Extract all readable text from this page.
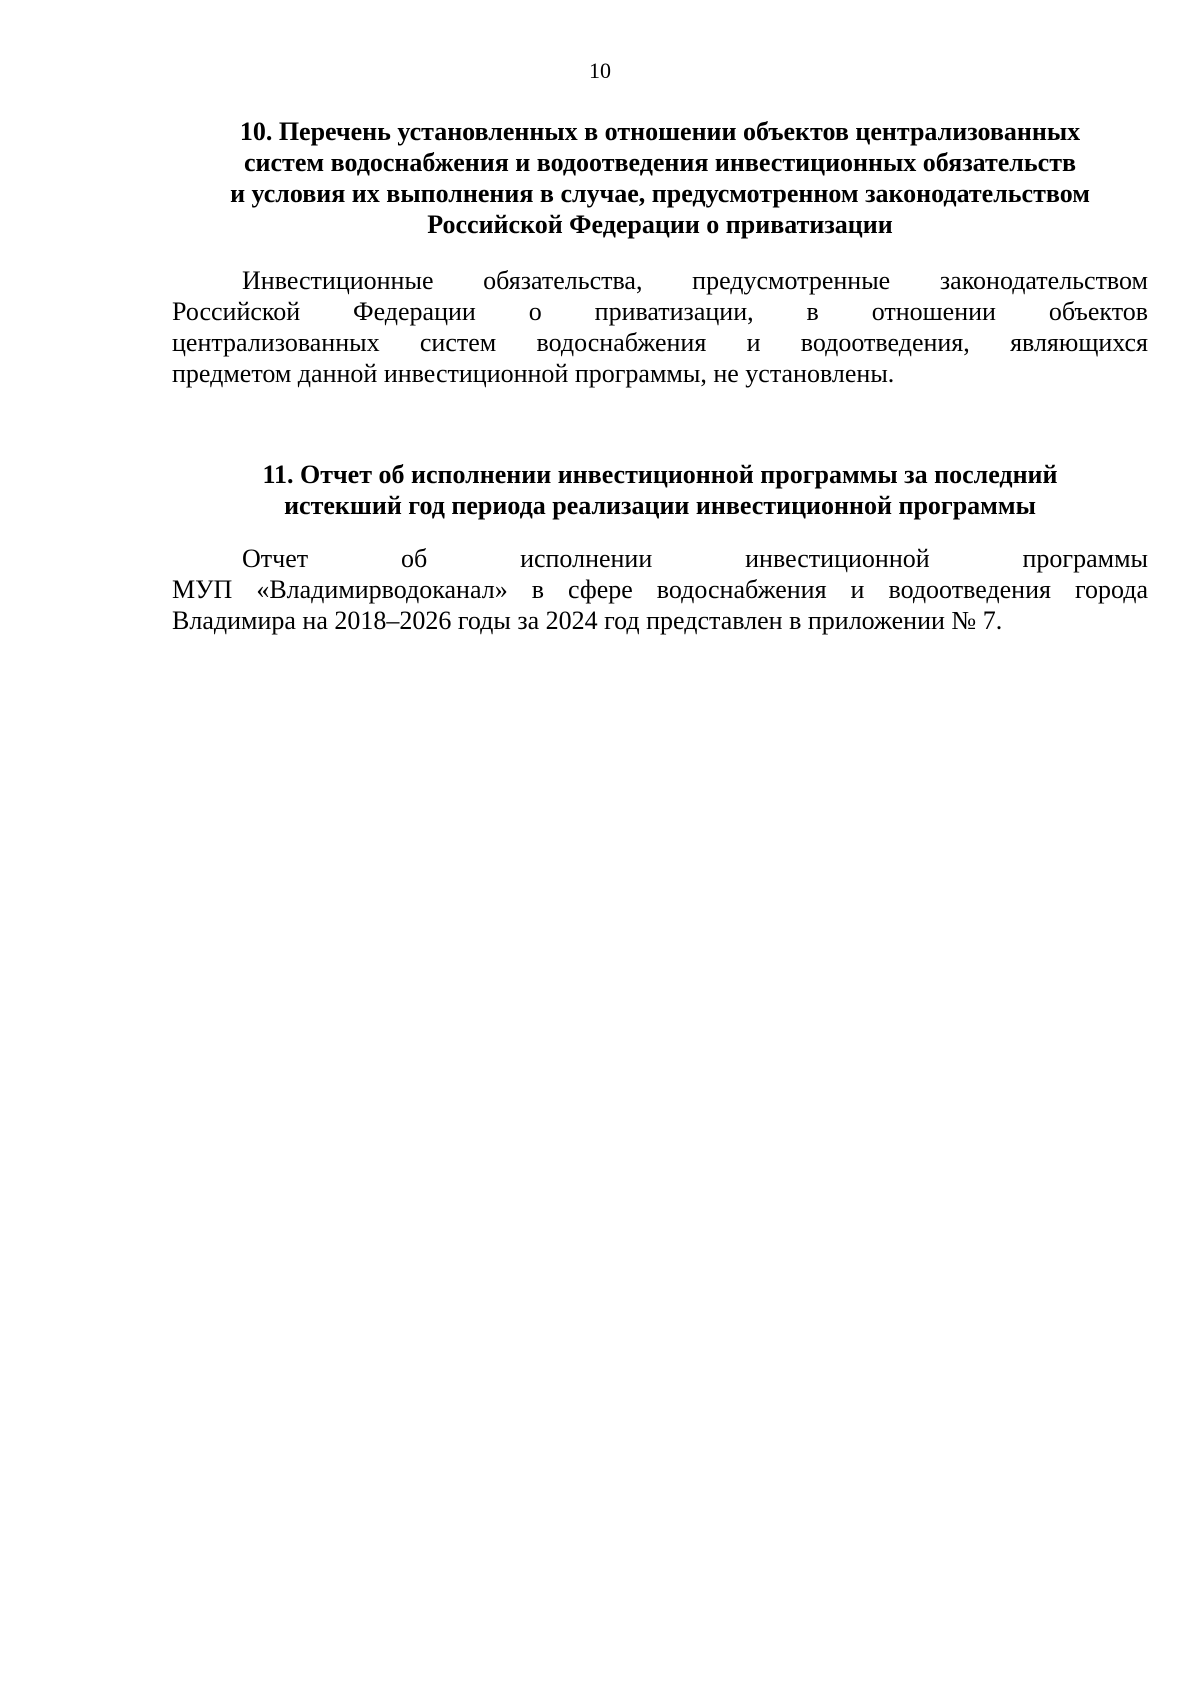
10
10. Перечень установленных в отношении объектов централизованных
систем водоснабжения и водоотведения инвестиционных обязательств
и условия их выполнения в случае, предусмотренном законодательством
Российской Федерации о приватизации

Инвестиционные обязательства, предусмотренные законодательством
Российской Федерации о приватизации, в отношении объектов
централизованных систем водоснабжения и водоотведения, являющихся
предметом данной инвестиционной программы, не установлены.

11. Отчет об исполнении инвестиционной программы за последний
истекший год периода реализации инвестиционной программы

Отчет об исполнении инвестиционной программы
МУП «Владимирводоканал» в сфере водоснабжения и водоотведения города
Владимира на 2018–2026 годы за 2024 год представлен в приложении № 7.
